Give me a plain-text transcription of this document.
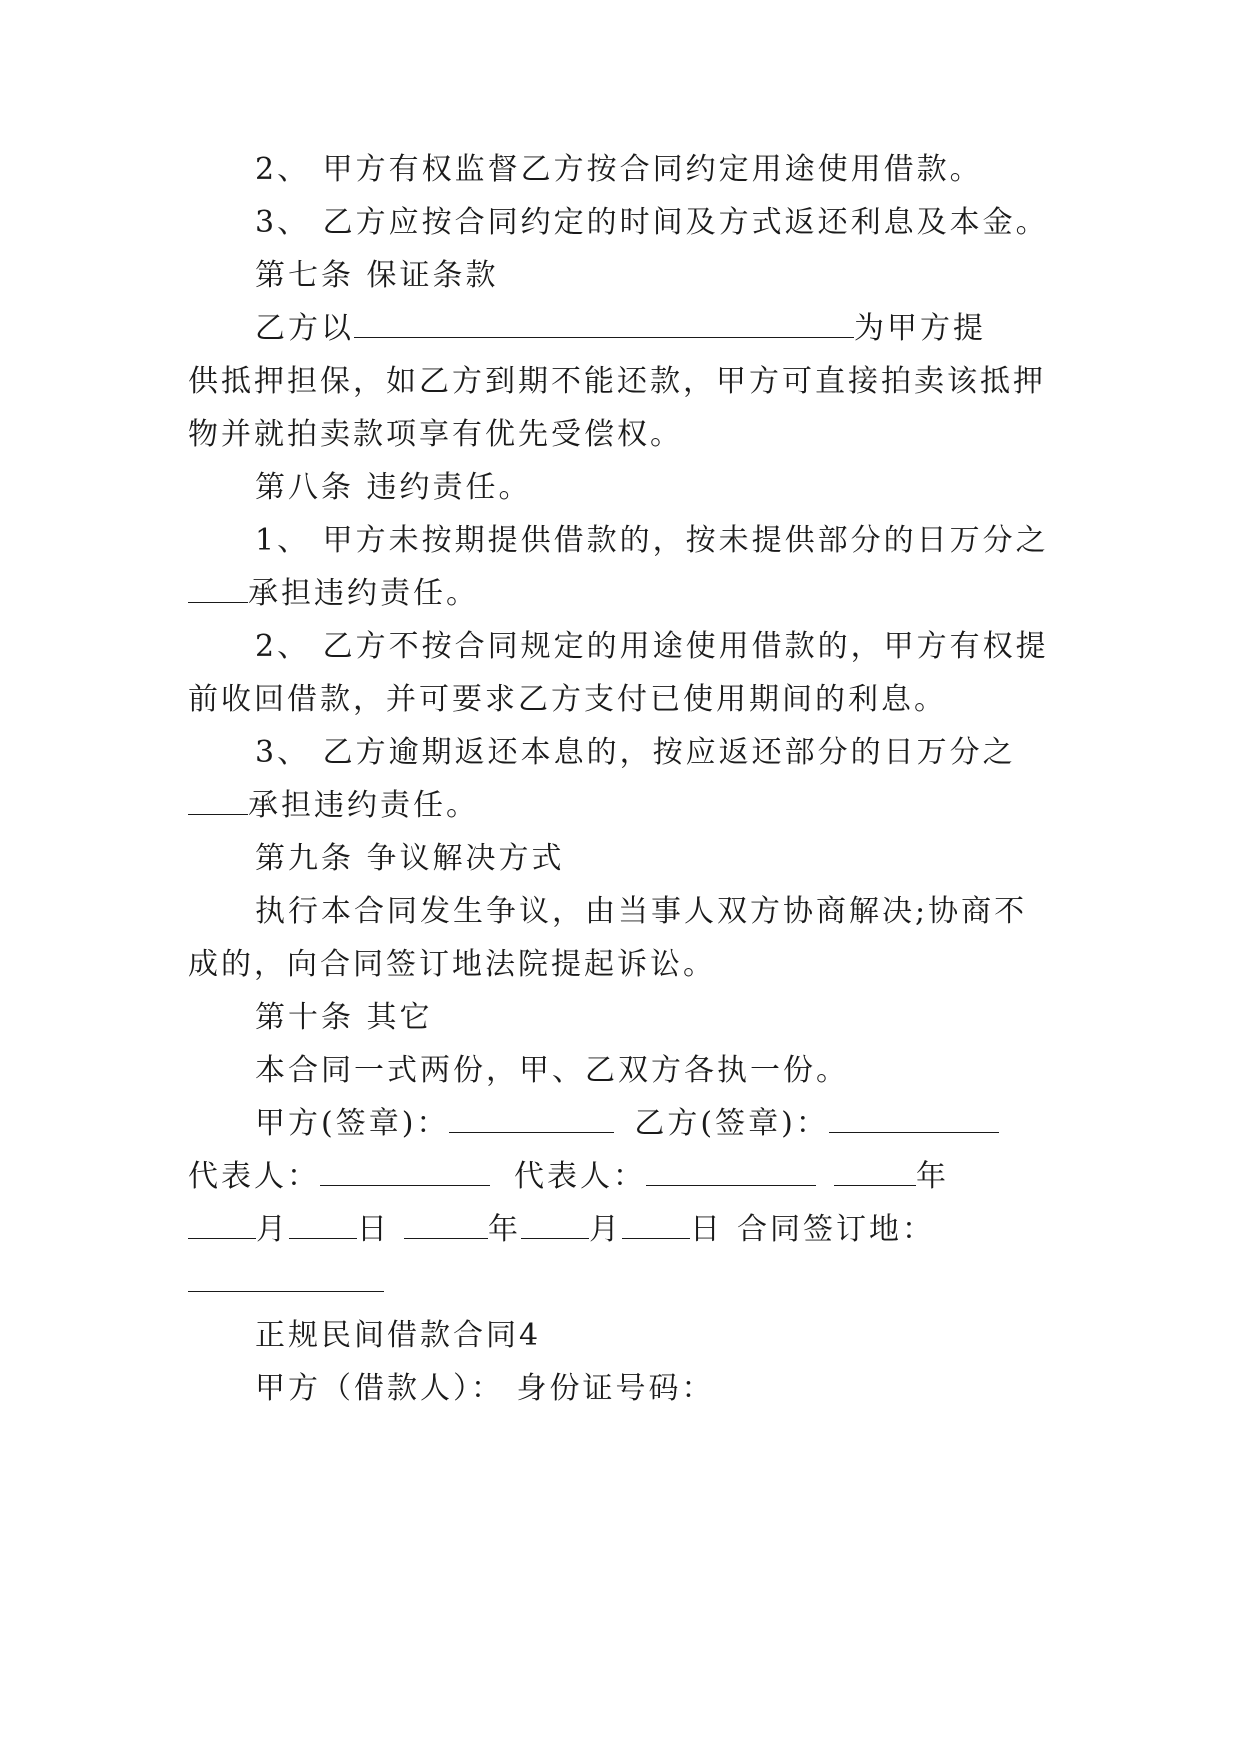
2、 甲方有权监督乙方按合同约定用途使用借款。
3、 乙方应按合同约定的时间及方式返还利息及本金。
第七条 保证条款
乙方以	为甲方提
供抵押担保，如乙方到期不能还款，甲方可直接拍卖该抵押
物并就拍卖款项享有优先受偿权。
第八条 违约责任。
1、 甲方未按期提供借款的，按未提供部分的日万分之
承担违约责任。
2、 乙方不按合同规定的用途使用借款的，甲方有权提
前收回借款，并可要求乙方支付已使用期间的利息。
3、 乙方逾期返还本息的，按应返还部分的日万分之
承担违约责任。
第九条 争议解决方式
执行本合同发生争议，由当事人双方协商解决;协商不
成的，向合同签订地法院提起诉讼。
第十条 其它
本合同一式两份，甲、乙双方各执一份。
甲方(签章)：	乙方(签章)：
代表人：	代表人：	年
月 日	年 月 日 合同签订地：
正规民间借款合同4
甲方（借款人）： 身份证号码：
